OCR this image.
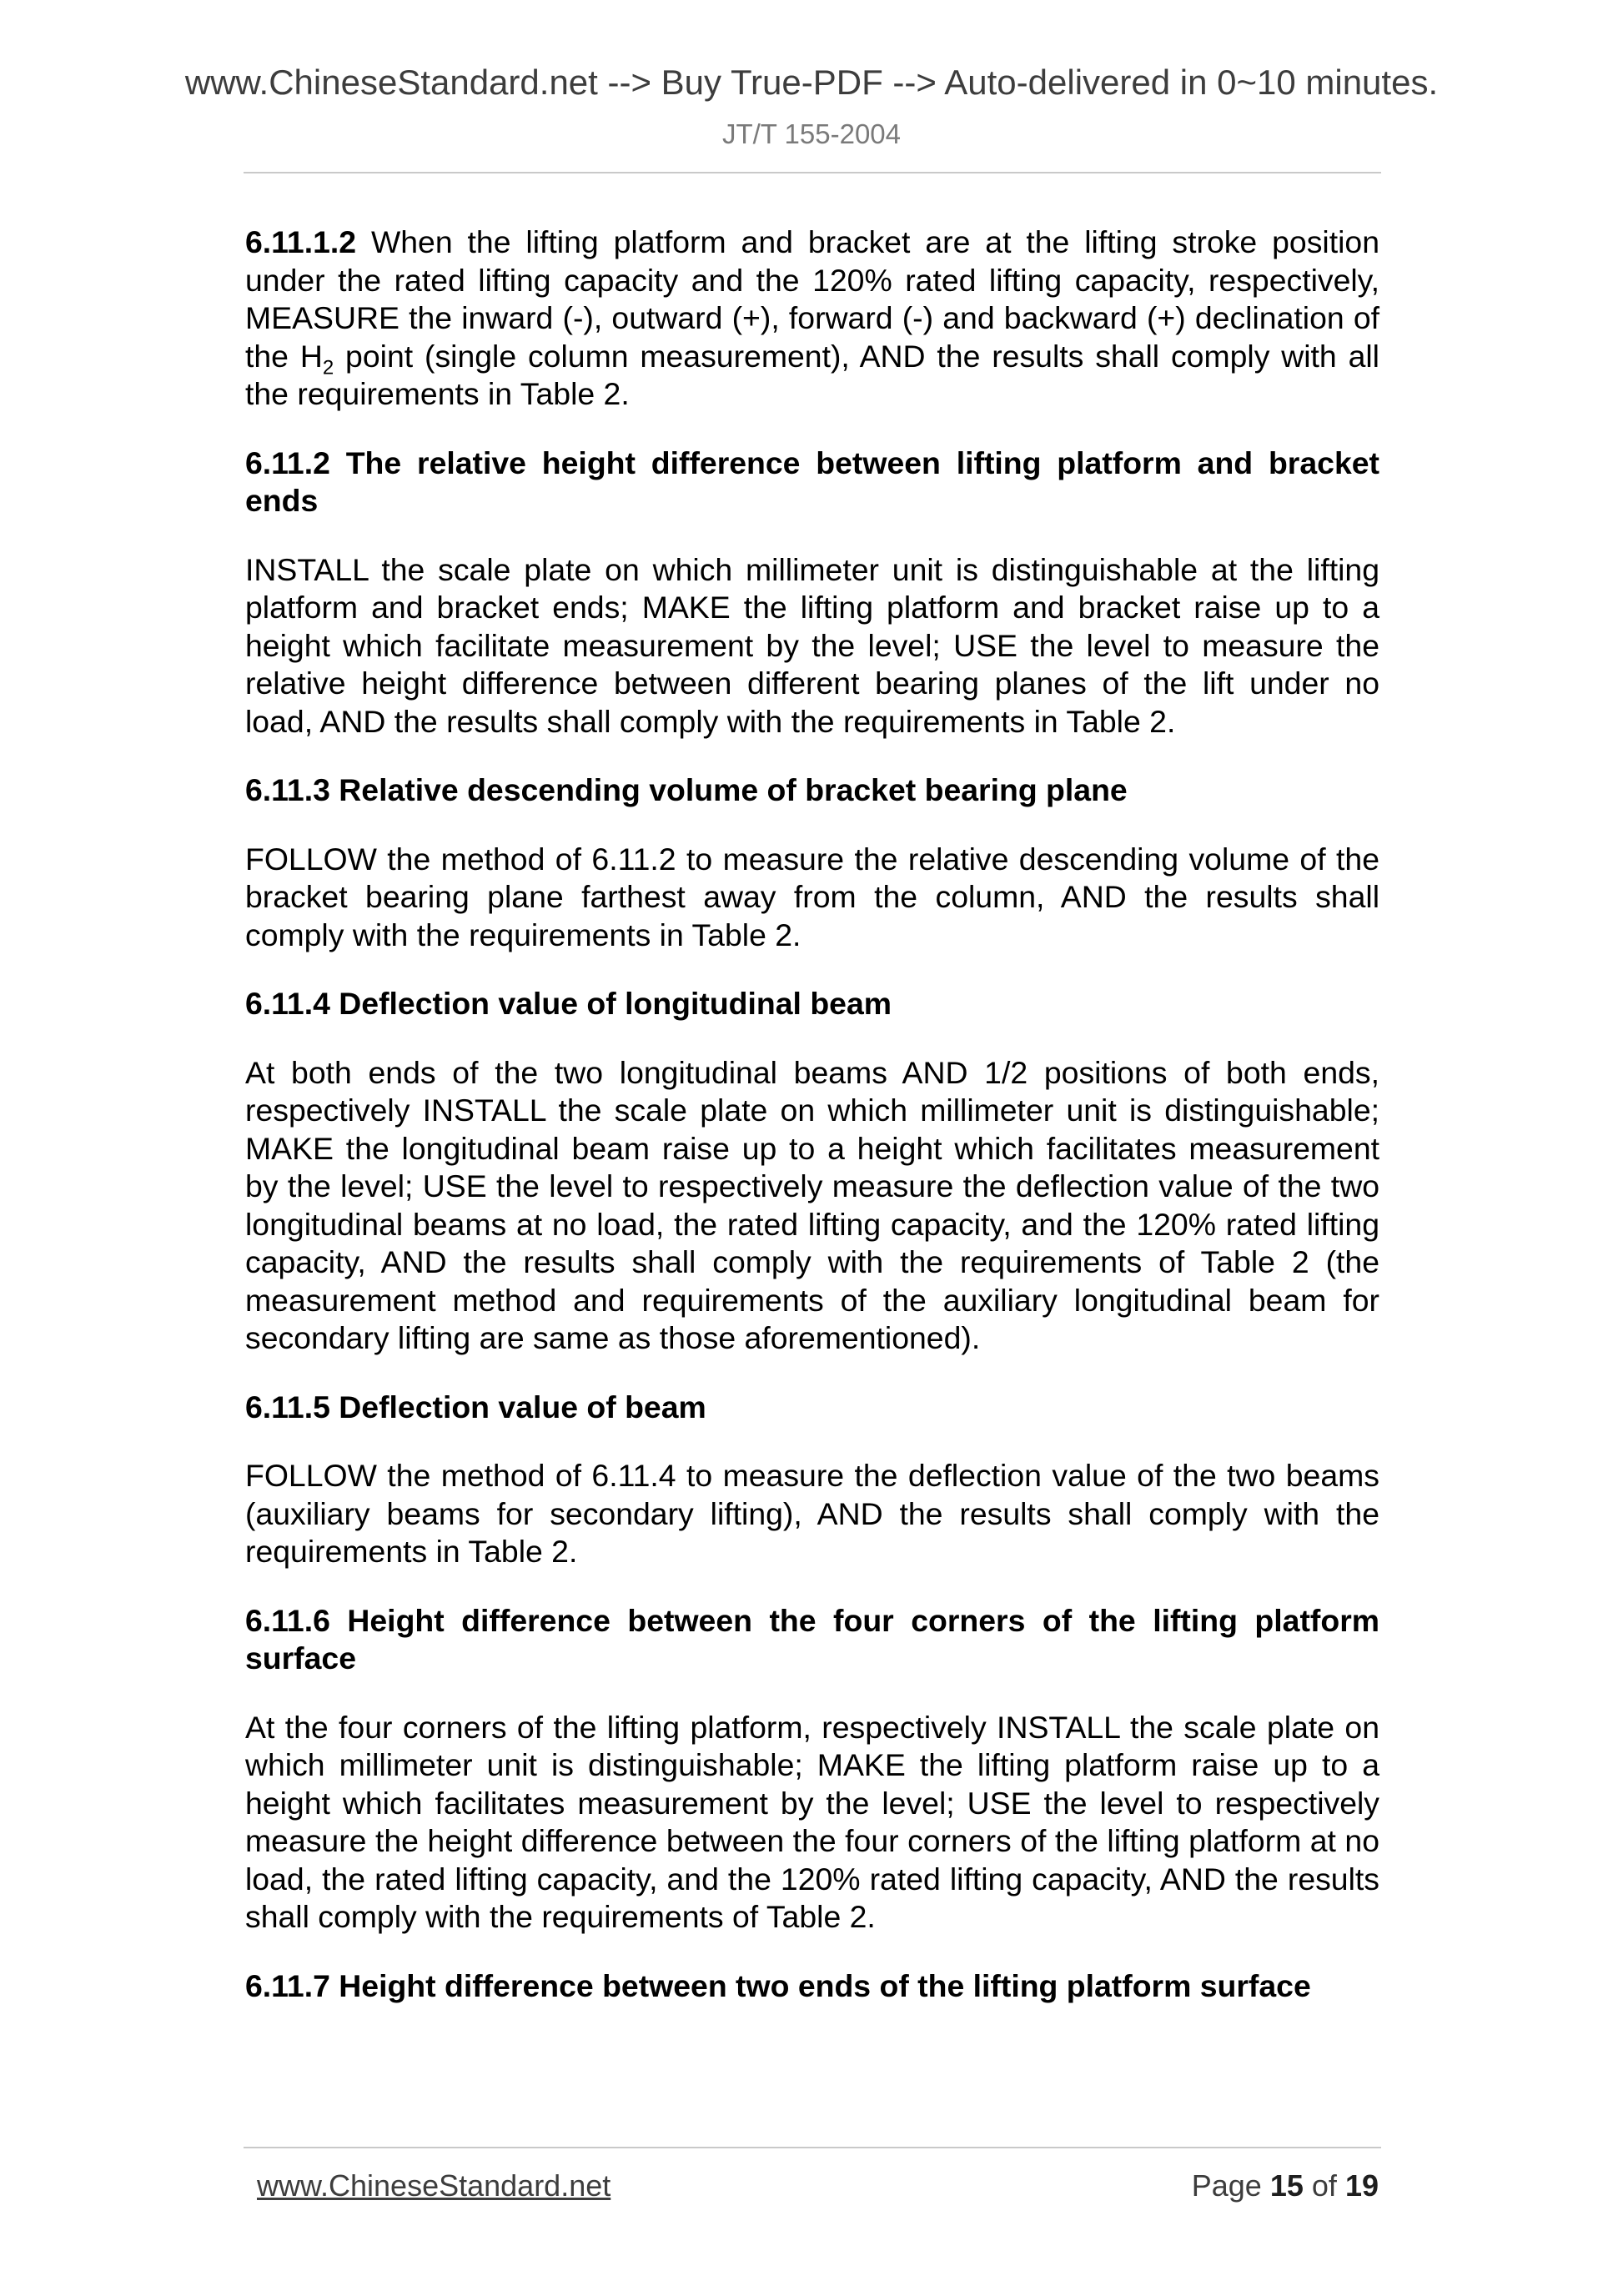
www.ChineseStandard.net --> Buy True-PDF --> Auto-delivered in 0~10 minutes.
JT/T 155-2004

6.11.1.2 When the lifting platform and bracket are at the lifting stroke position under the rated lifting capacity and the 120% rated lifting capacity, respectively, MEASURE the inward (-), outward (+), forward (-) and backward (+) declination of the $H_2$ point (single column measurement), AND the results shall comply with all the requirements in Table 2.

6.11.2 The relative height difference between lifting platform and bracket ends

INSTALL the scale plate on which millimeter unit is distinguishable at the lifting platform and bracket ends; MAKE the lifting platform and bracket raise up to a height which facilitate measurement by the level; USE the level to measure the relative height difference between different bearing planes of the lift under no load, AND the results shall comply with the requirements in Table 2.

6.11.3 Relative descending volume of bracket bearing plane

FOLLOW the method of 6.11.2 to measure the relative descending volume of the bracket bearing plane farthest away from the column, AND the results shall comply with the requirements in Table 2.

6.11.4 Deflection value of longitudinal beam

At both ends of the two longitudinal beams AND 1/2 positions of both ends, respectively INSTALL the scale plate on which millimeter unit is distinguishable; MAKE the longitudinal beam raise up to a height which facilitates measurement by the level; USE the level to respectively measure the deflection value of the two longitudinal beams at no load, the rated lifting capacity, and the 120% rated lifting capacity, AND the results shall comply with the requirements of Table 2 (the measurement method and requirements of the auxiliary longitudinal beam for secondary lifting are same as those aforementioned).

6.11.5 Deflection value of beam

FOLLOW the method of 6.11.4 to measure the deflection value of the two beams (auxiliary beams for secondary lifting), AND the results shall comply with the requirements in Table 2.

6.11.6 Height difference between the four corners of the lifting platform surface

At the four corners of the lifting platform, respectively INSTALL the scale plate on which millimeter unit is distinguishable; MAKE the lifting platform raise up to a height which facilitates measurement by the level; USE the level to respectively measure the height difference between the four corners of the lifting platform at no load, the rated lifting capacity, and the 120% rated lifting capacity, AND the results shall comply with the requirements of Table 2.

6.11.7 Height difference between two ends of the lifting platform surface
www.ChineseStandard.net	Page 15 of 19
